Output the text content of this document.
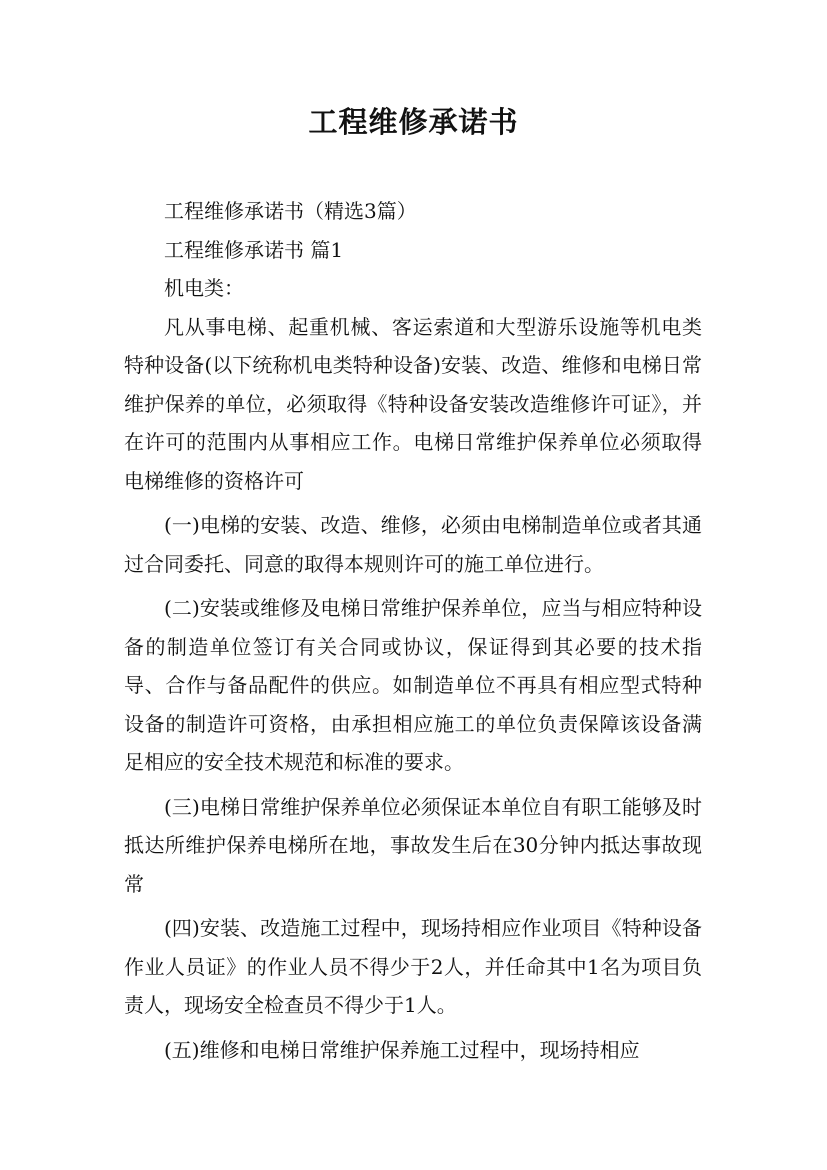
工程维修承诺书

工程维修承诺书（精选3篇）

工程维修承诺书 篇1

机电类：

凡从事电梯、起重机械、客运索道和大型游乐设施等机电类特种设备(以下统称机电类特种设备)安装、改造、维修和电梯日常维护保养的单位，必须取得《特种设备安装改造维修许可证》，并在许可的范围内从事相应工作。电梯日常维护保养单位必须取得电梯维修的资格许可

(一)电梯的安装、改造、维修，必须由电梯制造单位或者其通过合同委托、同意的取得本规则许可的施工单位进行。

(二)安装或维修及电梯日常维护保养单位，应当与相应特种设备的制造单位签订有关合同或协议，保证得到其必要的技术指导、合作与备品配件的供应。如制造单位不再具有相应型式特种设备的制造许可资格，由承担相应施工的单位负责保障该设备满足相应的安全技术规范和标准的要求。

(三)电梯日常维护保养单位必须保证本单位自有职工能够及时抵达所维护保养电梯所在地，事故发生后在30分钟内抵达事故现常

(四)安装、改造施工过程中，现场持相应作业项目《特种设备作业人员证》的作业人员不得少于2人，并任命其中1名为项目负责人，现场安全检查员不得少于1人。

(五)维修和电梯日常维护保养施工过程中，现场持相应
